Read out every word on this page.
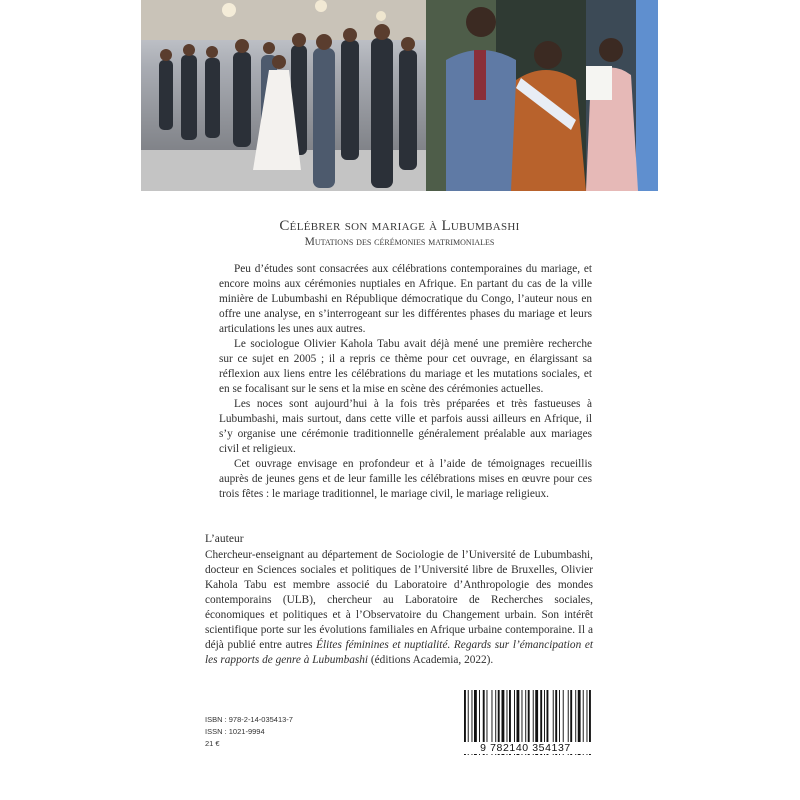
Célébrer son mariage à Lubumbashi
Mutations des cérémonies matrimoniales

Peu d’études sont consacrées aux célébrations contemporaines du mariage, et encore moins aux cérémonies nuptiales en Afrique. En partant du cas de la ville minière de Lubumbashi en République démocratique du Congo, l’auteur nous en offre une analyse, en s’interrogeant sur les différentes phases du mariage et leurs articulations les unes aux autres.

Le sociologue Olivier Kahola Tabu avait déjà mené une première recherche sur ce sujet en 2005 ; il a repris ce thème pour cet ouvrage, en élargissant sa réflexion aux liens entre les célébrations du mariage et les mutations sociales, et en se focalisant sur le sens et la mise en scène des cérémonies actuelles.

Les noces sont aujourd’hui à la fois très préparées et très fastueuses à Lubumbashi, mais surtout, dans cette ville et parfois aussi ailleurs en Afrique, il s’y organise une cérémonie traditionnelle généralement préalable aux mariages civil et religieux.

Cet ouvrage envisage en profondeur et à l’aide de témoignages recueillis auprès de jeunes gens et de leur famille les célébrations mises en œuvre pour ces trois fêtes : le mariage traditionnel, le mariage civil, le mariage religieux.

L’auteur
Chercheur-enseignant au département de Sociologie de l’Université de Lubumbashi, docteur en Sciences sociales et politiques de l’Université libre de Bruxelles, Olivier Kahola Tabu est membre associé du Laboratoire d’Anthropologie des mondes contemporains (ULB), chercheur au Laboratoire de Recherches sociales, économiques et politiques et à l’Observatoire du Changement urbain. Son intérêt scientifique porte sur les évolutions familiales en Afrique urbaine contemporaine. Il a déjà publié entre autres Élites féminines et nuptialité. Regards sur l’émancipation et les rapports de genre à Lubumbashi (éditions Academia, 2022).
ISBN : 978-2-14-035413-7
ISSN : 1021-9994
21 €	9 782140 354137
